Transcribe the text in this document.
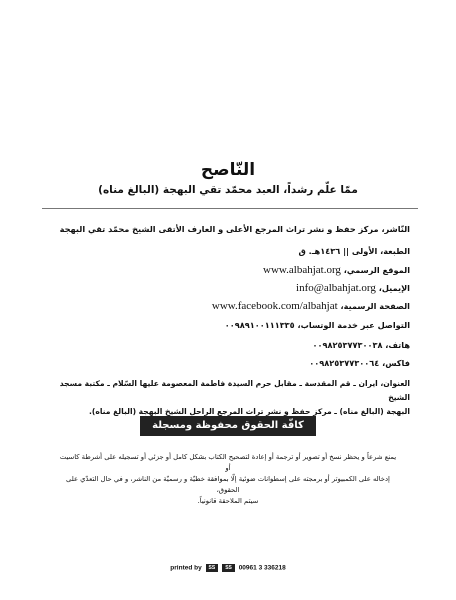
النّاصح
ممّا علّم رشداً، العبد محمّد تقي البهجة (البالغ مناه)
النّاشر، مركز حفظ و نشر تراث المرجع الأعلى و العارف الأتقى الشيخ محمّد تقي البهجة
الطبعة، الأولى || ١٤٣٦هـ. ق
الموقع الرسمي، www.albahjat.org
الإيميل، info@albahjat.org
الصفحة الرسمية، www.facebook.com/albahjat
التواصل عبر خدمة الوتساب، ٠٠٩٨٩١٠٠١١١٣٣٥
هاتف، ٠٠٩٨٢٥٣٧٧٣٠٠٣٨
فاكس، ٠٠٩٨٢٥٣٧٧٣٠٠٦٤
العنوان، ايران ـ قم المقدسة ـ مقابل حرم السيدة فاطمة المعصومة عليها السّلام ـ مكتبة مسجد الشيخ
البهجة (البالغ مناه) ـ مركز حفظ و نشر تراث المرجع الراحل الشيخ البهجة (البالغ مناه).
كافّة الحقوق محفوظة ومسجلة للناشر
يمنع شرعاً و يحظر نسخ أو تصوير أو ترجمة أو إعادة لتصحيح الكتاب بشكل كامل أو جزئي أو تسجيله على أشرطة كاسيت أو
إدخاله على الكمبيوتر أو برمجته على إسطوانات ضوئية إلّا بموافقة خطيّة و رسميّة من الناشر، و في حال التعدّي على الحقوق،
سيتم الملاحقة قانونياً.
printed by SS SS 00961 3 336218
